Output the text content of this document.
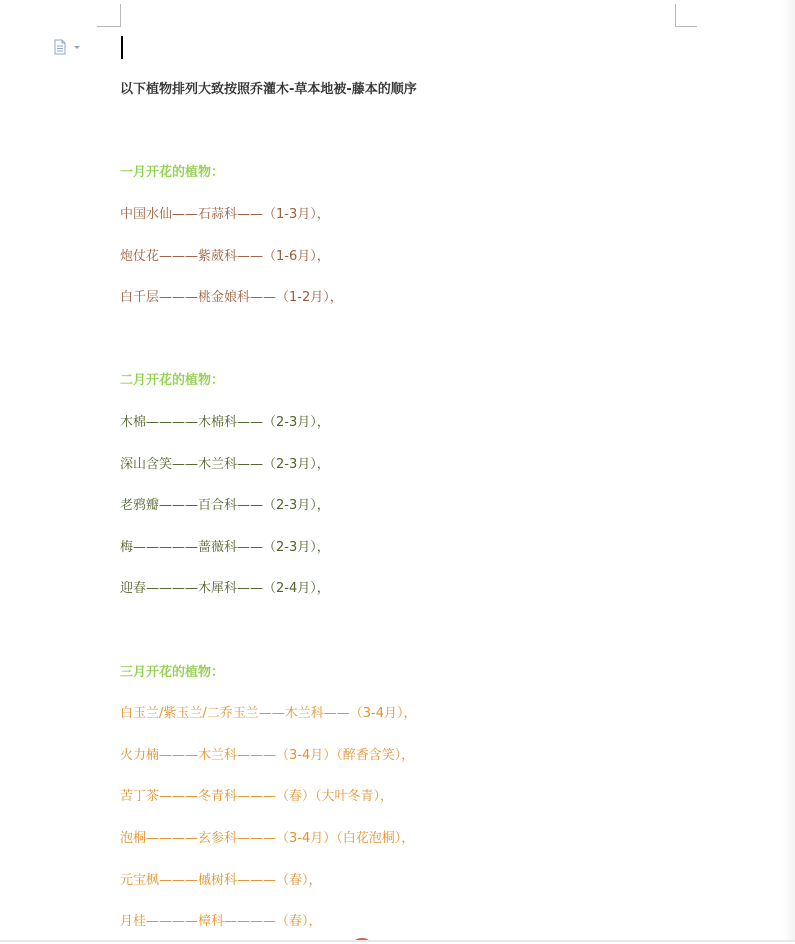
以下植物排列大致按照乔灌木-草本地被-藤本的顺序
一月开花的植物：
中国水仙——石蒜科——（1-3月），
炮仗花———紫葳科——（1-6月），
白千层———桃金娘科——（1-2月），
二月开花的植物：
木棉————木棉科——（2-3月），
深山含笑——木兰科——（2-3月），
老鸦瓣———百合科——（2-3月），
梅—————蔷薇科——（2-3月），
迎春————木犀科——（2-4月），
三月开花的植物：
白玉兰/紫玉兰/二乔玉兰——木兰科——（3-4月），
火力楠———木兰科———（3-4月）（醉香含笑），
苦丁茶———冬青科———（春）（大叶冬青），
泡桐————玄参科———（3-4月）（白花泡桐），
元宝枫———槭树科———（春），
月桂————樟科————（春），
